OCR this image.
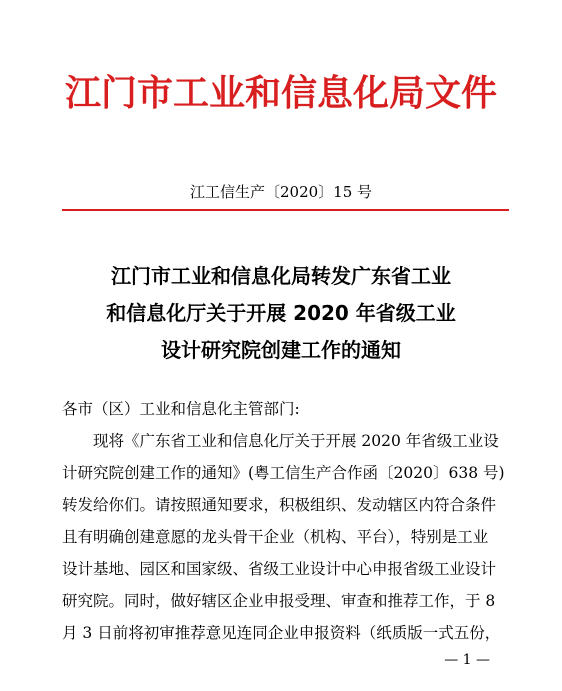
江门市工业和信息化局文件
江工信生产〔2020〕15 号
江门市工业和信息化局转发广东省工业
和信息化厅关于开展 2020 年省级工业
设计研究院创建工作的通知
各市（区）工业和信息化主管部门:
现将《广东省工业和信息化厅关于开展 2020 年省级工业设
计研究院创建工作的通知》(粤工信生产合作函〔2020〕638 号)
转发给你们。请按照通知要求，积极组织、发动辖区内符合条件
且有明确创建意愿的龙头骨干企业（机构、平台），特别是工业
设计基地、园区和国家级、省级工业设计中心申报省级工业设计
研究院。同时，做好辖区企业申报受理、审查和推荐工作，于 8
月 3 日前将初审推荐意见连同企业申报资料（纸质版一式五份，
— 1 —
